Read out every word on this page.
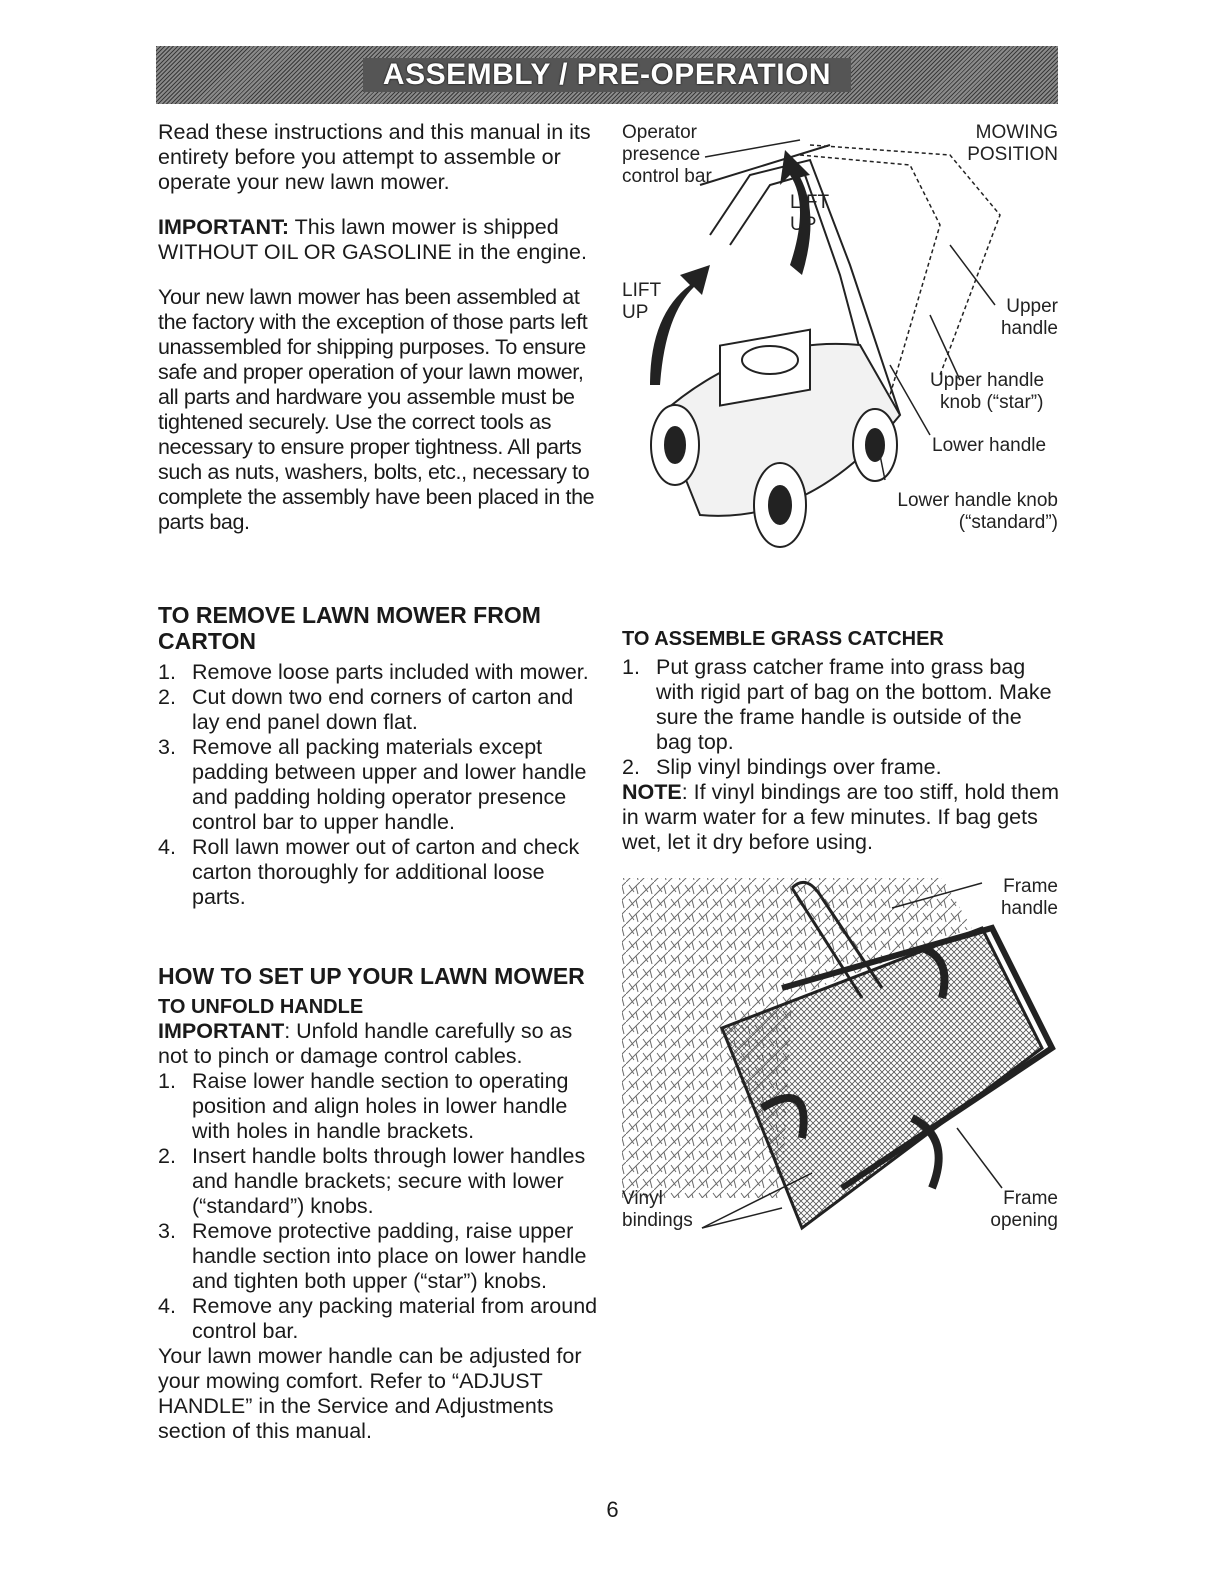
ASSEMBLY / PRE-OPERATION

Read these instructions and this manual in its entirety before you attempt to assemble or operate your new lawn mower.

IMPORTANT: This lawn mower is shipped WITHOUT OIL OR GASOLINE in the engine.

Your new lawn mower has been assembled at the factory with the exception of those parts left unassembled for shipping purposes. To ensure safe and proper operation of your lawn mower, all parts and hardware you assemble must be tightened securely. Use the correct tools as necessary to ensure proper tightness. All parts such as nuts, washers, bolts, etc., necessary to complete the assembly have been placed in the parts bag.

TO REMOVE LAWN MOWER FROM CARTON
1. Remove loose parts included with mower.
2. Cut down two end corners of carton and lay end panel down flat.
3. Remove all packing materials except padding between upper and lower handle and padding holding operator presence control bar to upper handle.
4. Roll lawn mower out of carton and check carton thoroughly for additional loose parts.
HOW TO SET UP YOUR LAWN MOWER
TO UNFOLD HANDLE

IMPORTANT: Unfold handle carefully so as not to pinch or damage control cables.

1. Raise lower handle section to operating position and align holes in lower handle with holes in handle brackets.
2. Insert handle bolts through lower handles and handle brackets; secure with lower (“standard”) knobs.
3. Remove protective padding, raise upper handle section into place on lower handle and tighten both upper (“star”) knobs.
4. Remove any packing material from around control bar.

Your lawn mower handle can be adjusted for your mowing comfort. Refer to “ADJUST HANDLE” in the Service and Adjustments section of this manual.

TO ASSEMBLE GRASS CATCHER
1. Put grass catcher frame into grass bag with rigid part of bag on the bottom. Make sure the frame handle is outside of the bag top.
2. Slip vinyl bindings over frame.

NOTE: If vinyl bindings are too stiff, hold them in warm water for a few minutes. If bag gets wet, let it dry before using.

Operator
presence
control bar
MOWING
POSITION
LIFT
UP
LIFT
UP	Upper
handle
Upper handle
knob (“star”)
Lower handle
Lower handle knob
(“standard”)
Frame
handle
Vinyl
bindings
Frame
opening
6
